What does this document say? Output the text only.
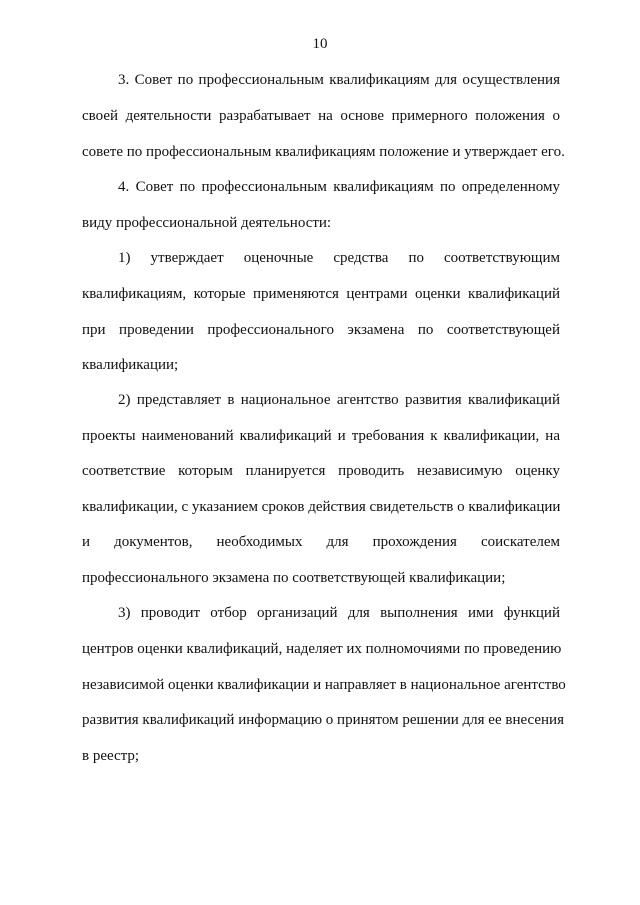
10
3. Совет по профессиональным квалификациям для осуществления
своей деятельности разрабатывает на основе примерного положения о
совете по профессиональным квалификациям положение и утверждает его.
4. Совет по профессиональным квалификациям по определенному
виду профессиональной деятельности:
1) утверждает оценочные средства по соответствующим
квалификациям, которые применяются центрами оценки квалификаций
при проведении профессионального экзамена по соответствующей
квалификации;
2) представляет в национальное агентство развития квалификаций
проекты наименований квалификаций и требования к квалификации, на
соответствие которым планируется проводить независимую оценку
квалификации, с указанием сроков действия свидетельств о квалификации
и документов, необходимых для прохождения соискателем
профессионального экзамена по соответствующей квалификации;
3) проводит отбор организаций для выполнения ими функций
центров оценки квалификаций, наделяет их полномочиями по проведению
независимой оценки квалификации и направляет в национальное агентство
развития квалификаций информацию о принятом решении для ее внесения
в реестр;
